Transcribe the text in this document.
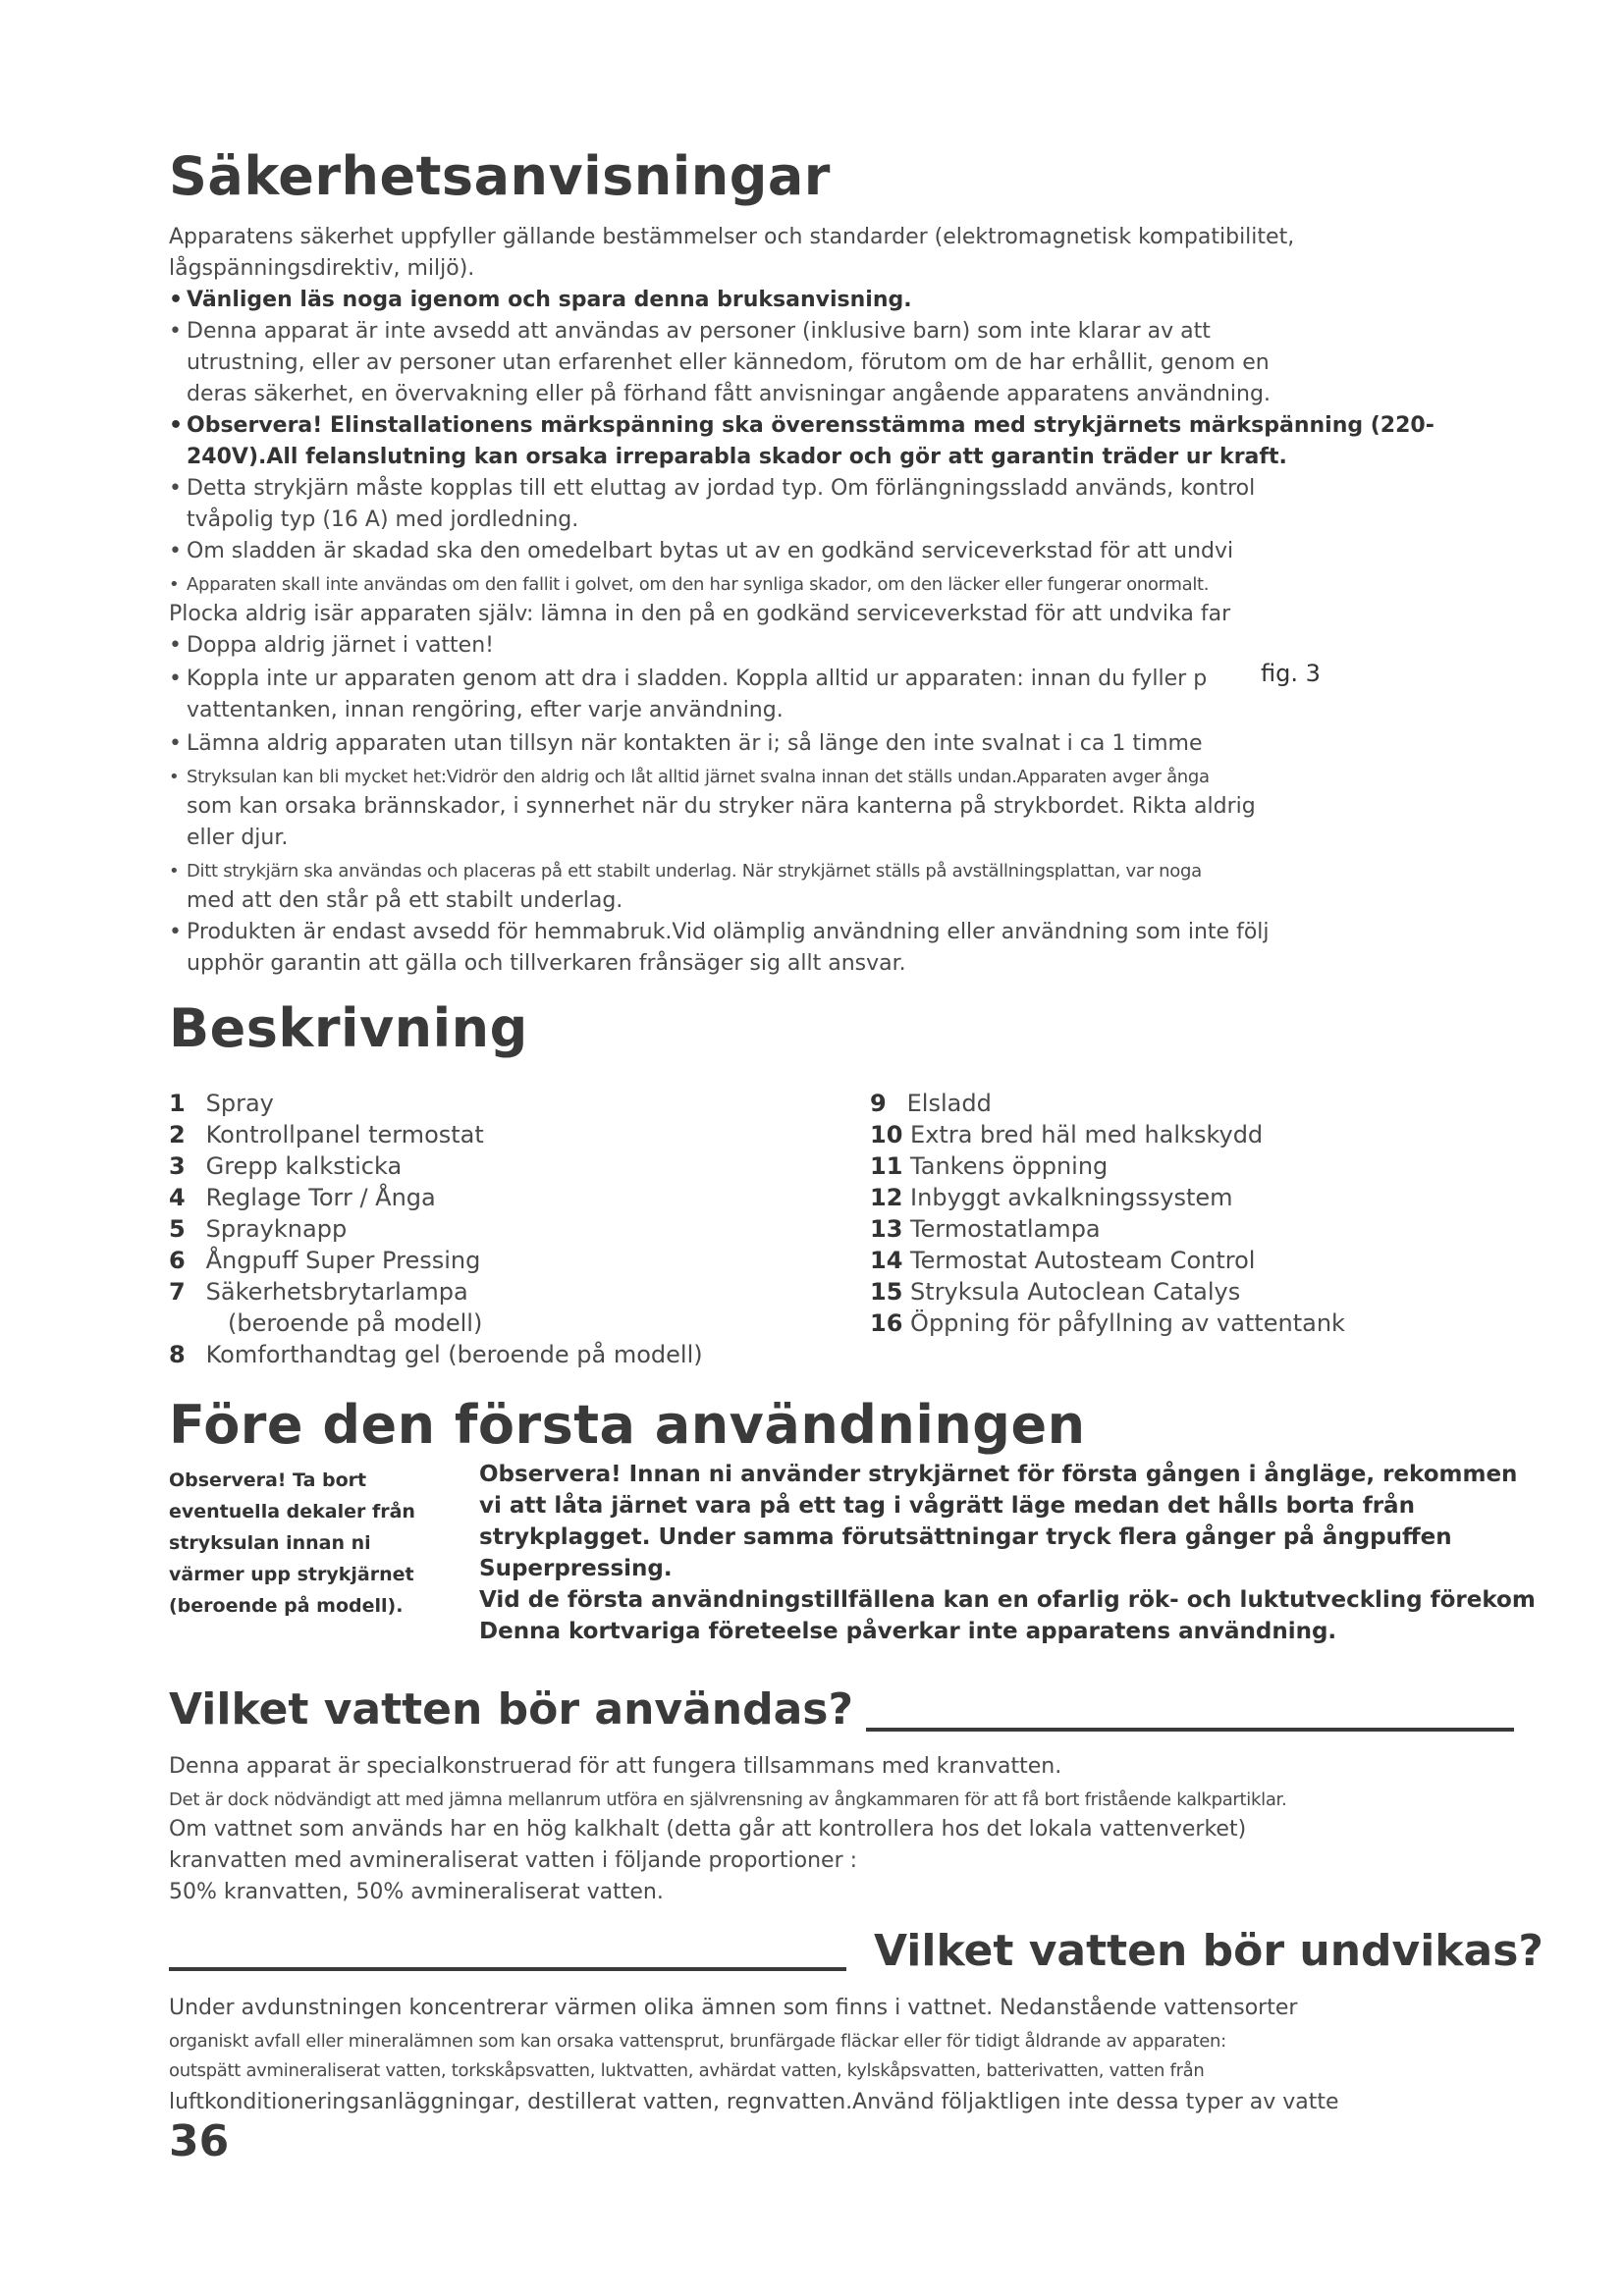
Säkerhetsanvisningar
Apparatens säkerhet uppfyller gällande bestämmelser och standarder (elektromagnetisk kompatibilitet,
lågspänningsdirektiv, miljö).
• Vänligen läs noga igenom och spara denna bruksanvisning.
• Denna apparat är inte avsedd att användas av personer (inklusive barn) som inte klarar av att
utrustning, eller av personer utan erfarenhet eller kännedom, förutom om de har erhållit, genom en
deras säkerhet, en övervakning eller på förhand fått anvisningar angående apparatens användning.
• Observera! Elinstallationens märkspänning ska överensstämma med strykjärnets märkspänning (220-
240V).All felanslutning kan orsaka irreparabla skador och gör att garantin träder ur kraft.
• Detta strykjärn måste kopplas till ett eluttag av jordad typ. Om förlängningssladd används, kontrol
tvåpolig typ (16 A) med jordledning.
• Om sladden är skadad ska den omedelbart bytas ut av en godkänd serviceverkstad för att undvi
• Apparaten skall inte användas om den fallit i golvet, om den har synliga skador, om den läcker eller fungerar onormalt.
Plocka aldrig isär apparaten själv: lämna in den på en godkänd serviceverkstad för att undvika far
• Doppa aldrig järnet i vatten!
• Koppla inte ur apparaten genom att dra i sladden. Koppla alltid ur apparaten: innan du fyller p
vattentanken, innan rengöring, efter varje användning.
• Lämna aldrig apparaten utan tillsyn när kontakten är i; så länge den inte svalnat i ca 1 timme
• Stryksulan kan bli mycket het:Vidrör den aldrig och låt alltid järnet svalna innan det ställs undan.Apparaten avger ånga
som kan orsaka brännskador, i synnerhet när du stryker nära kanterna på strykbordet. Rikta aldrig
eller djur.
• Ditt strykjärn ska användas och placeras på ett stabilt underlag. När strykjärnet ställs på avställningsplattan, var noga
med att den står på ett stabilt underlag.
• Produkten är endast avsedd för hemmabruk.Vid olämplig användning eller användning som inte följ
upphör garantin att gälla och tillverkaren frånsäger sig allt ansvar.
fig. 3
Beskrivning
1 Spray
2 Kontrollpanel termostat
3 Grepp kalksticka
4 Reglage Torr / Ånga
5 Sprayknapp
6 Ångpuff Super Pressing
7 Säkerhetsbrytarlampa
(beroende på modell)
8 Komforthandtag gel (beroende på modell)
9 Elsladd
10 Extra bred häl med halkskydd
11 Tankens öppning
12 Inbyggt avkalkningssystem
13 Termostatlampa
14 Termostat Autosteam Control
15 Stryksula Autoclean Catalys
16 Öppning för påfyllning av vattentank
Före den första användningen
Observera! Ta bort
eventuella dekaler från
stryksulan innan ni
värmer upp strykjärnet
(beroende på modell).
Observera! Innan ni använder strykjärnet för första gången i ångläge, rekommen
vi att låta järnet vara på ett tag i vågrätt läge medan det hålls borta från
strykplagget. Under samma förutsättningar tryck flera gånger på ångpuffen
Superpressing.
Vid de första användningstillfällena kan en ofarlig rök- och luktutveckling förekom
Denna kortvariga företeelse påverkar inte apparatens användning.
Vilket vatten bör användas?
Denna apparat är specialkonstruerad för att fungera tillsammans med kranvatten.
Det är dock nödvändigt att med jämna mellanrum utföra en självrensning av ångkammaren för att få bort fristående kalkpartiklar.
Om vattnet som används har en hög kalkhalt (detta går att kontrollera hos det lokala vattenverket)
kranvatten med avmineraliserat vatten i följande proportioner :
50% kranvatten, 50% avmineraliserat vatten.
Vilket vatten bör undvikas?
Under avdunstningen koncentrerar värmen olika ämnen som finns i vattnet. Nedanstående vattensorter
organiskt avfall eller mineralämnen som kan orsaka vattensprut, brunfärgade fläckar eller för tidigt åldrande av apparaten:
outspätt avmineraliserat vatten, torkskåpsvatten, luktvatten, avhärdat vatten, kylskåpsvatten, batterivatten, vatten från
luftkonditioneringsanläggningar, destillerat vatten, regnvatten.Använd följaktligen inte dessa typer av vatte
36
